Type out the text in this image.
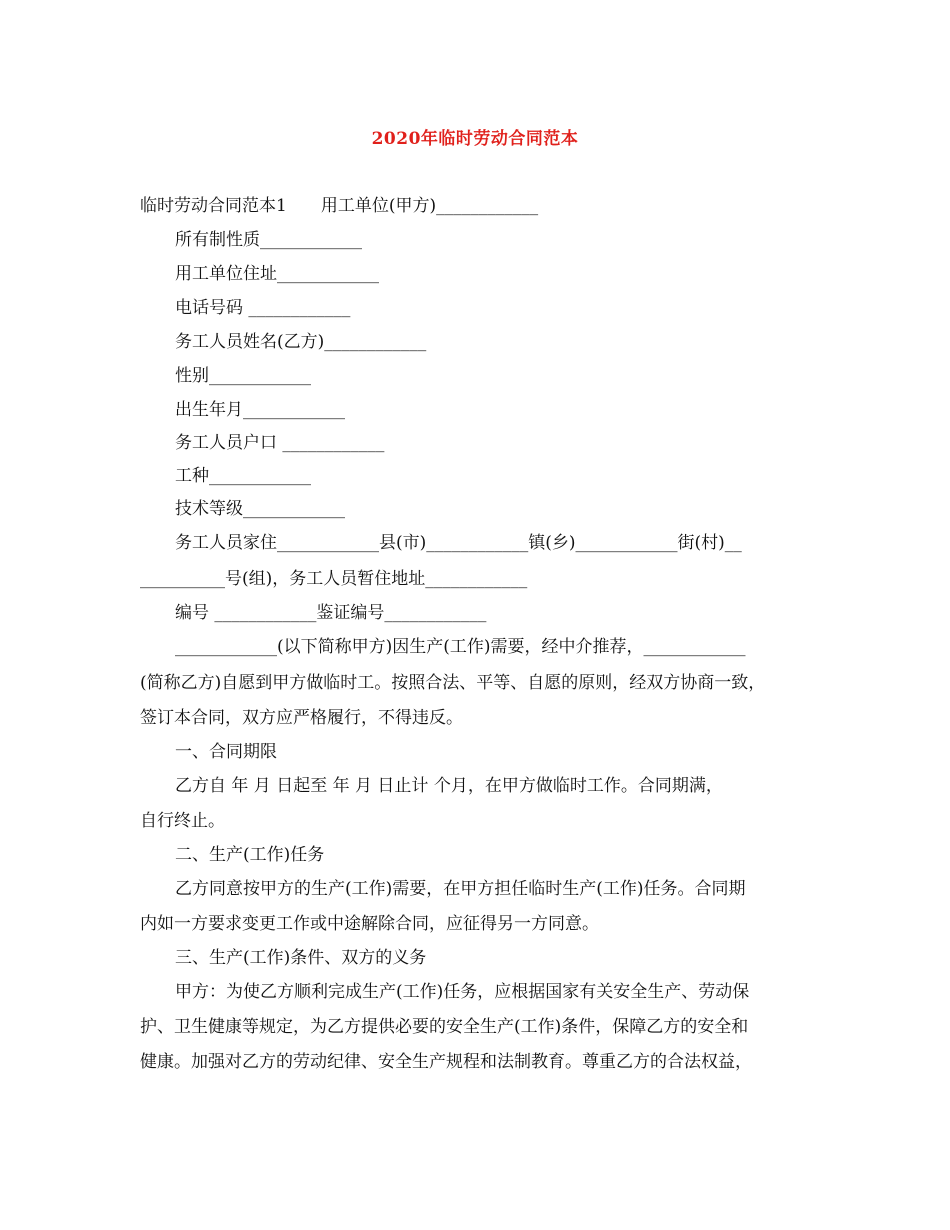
2020年临时劳动合同范本
临时劳动合同范本1　　用工单位(甲方)____________
所有制性质____________
用工单位住址____________
电话号码 ____________
务工人员姓名(乙方)____________
性别____________
出生年月____________
务工人员户口 ____________
工种____________
技术等级____________
务工人员家住____________县(市)____________镇(乡)____________街(村)__
__________号(组)，务工人员暂住地址____________
编号 ____________鉴证编号____________
____________(以下简称甲方)因生产(工作)需要，经中介推荐，____________
(简称乙方)自愿到甲方做临时工。按照合法、平等、自愿的原则，经双方协商一致，
签订本合同，双方应严格履行，不得违反。
一、合同期限
乙方自 年 月 日起至 年 月 日止计 个月，在甲方做临时工作。合同期满，
自行终止。
二、生产(工作)任务
乙方同意按甲方的生产(工作)需要，在甲方担任临时生产(工作)任务。合同期
内如一方要求变更工作或中途解除合同，应征得另一方同意。
三、生产(工作)条件、双方的义务
甲方：为使乙方顺利完成生产(工作)任务，应根据国家有关安全生产、劳动保
护、卫生健康等规定，为乙方提供必要的安全生产(工作)条件，保障乙方的安全和
健康。加强对乙方的劳动纪律、安全生产规程和法制教育。尊重乙方的合法权益，
